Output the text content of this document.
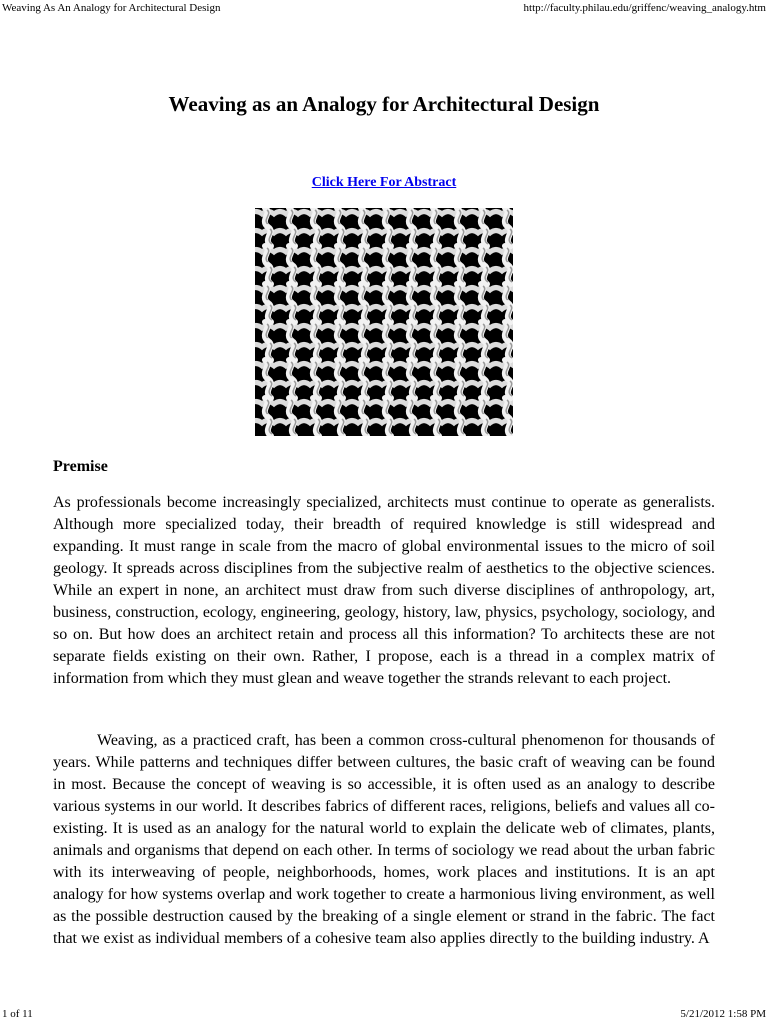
Weaving As An Analogy for Architectural Design	http://faculty.philau.edu/griffenc/weaving_analogy.htm
Weaving as an Analogy for Architectural Design
Click Here For Abstract
Premise

As professionals become increasingly specialized, architects must continue to operate as generalists. Although more specialized today, their breadth of required knowledge is still widespread and expanding. It must range in scale from the macro of global environmental issues to the micro of soil geology. It spreads across disciplines from the subjective realm of aesthetics to the objective sciences. While an expert in none, an architect must draw from such diverse disciplines of anthropology, art, business, construction, ecology, engineering, geology, history, law, physics, psychology, sociology, and so on. But how does an architect retain and process all this information? To architects these are not separate fields existing on their own. Rather, I propose, each is a thread in a complex matrix of information from which they must glean and weave together the strands relevant to each project.

Weaving, as a practiced craft, has been a common cross-cultural phenomenon for thousands of years. While patterns and techniques differ between cultures, the basic craft of weaving can be found in most. Because the concept of weaving is so accessible, it is often used as an analogy to describe various systems in our world. It describes fabrics of different races, religions, beliefs and values all co-existing. It is used as an analogy for the natural world to explain the delicate web of climates, plants, animals and organisms that depend on each other. In terms of sociology we read about the urban fabric with its interweaving of people, neighborhoods, homes, work places and institutions. It is an apt analogy for how systems overlap and work together to create a harmonious living environment, as well as the possible destruction caused by the breaking of a single element or strand in the fabric. The fact that we exist as individual members of a cohesive team also applies directly to the building industry. A

1 of 11	5/21/2012 1:58 PM
